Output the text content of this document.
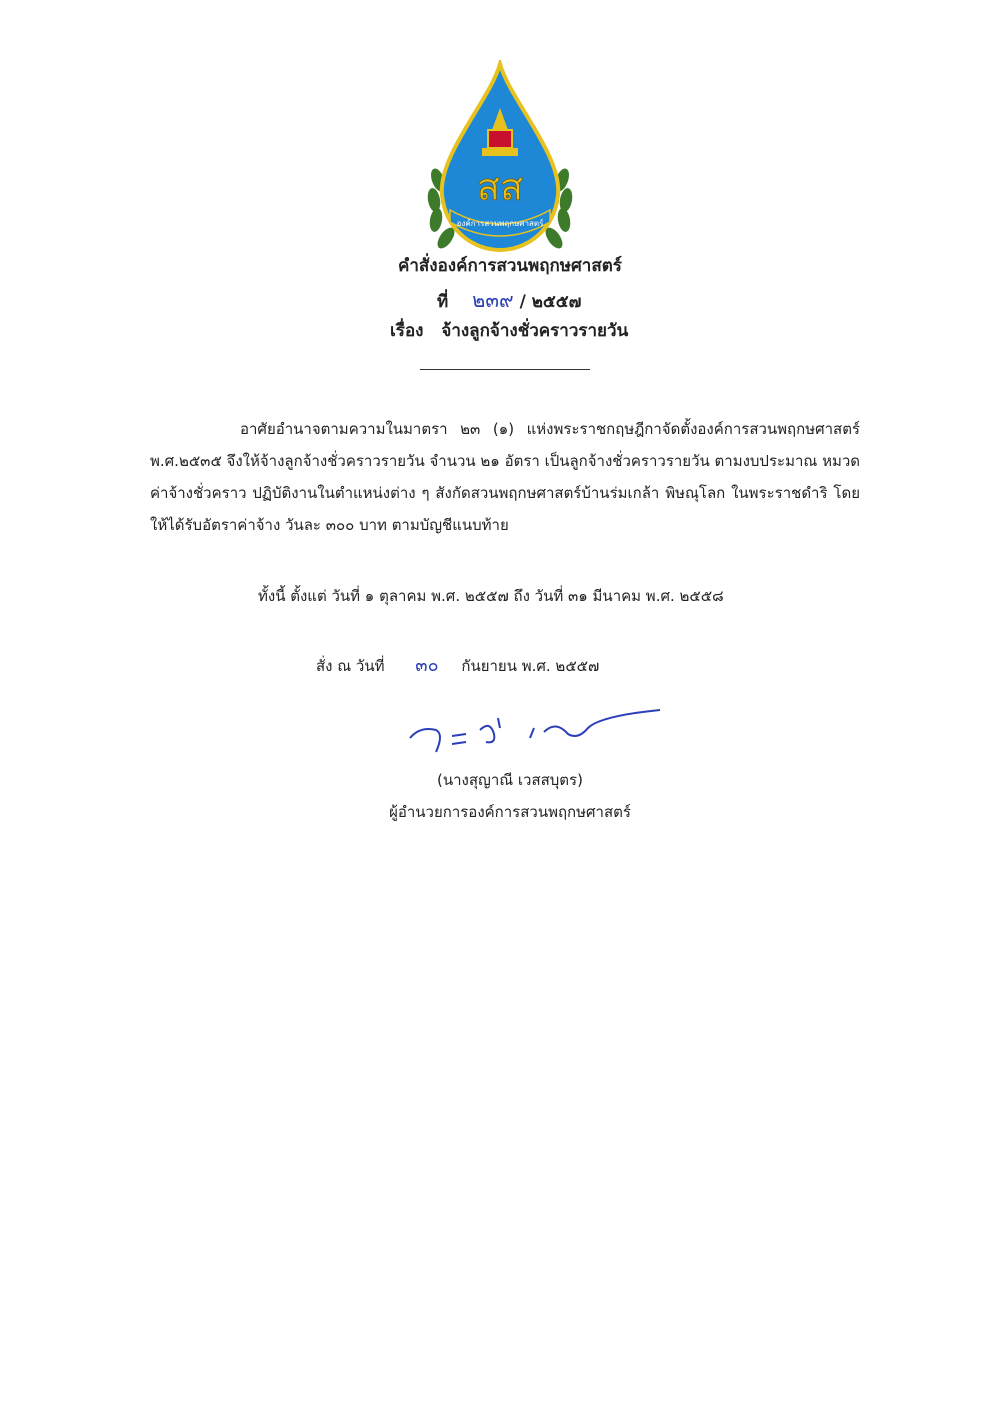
สส
องค์การสวนพฤกษศาสตร์
คำสั่งองค์การสวนพฤกษศาสตร์
ที่ ๒๓๙ / ๒๕๕๗
เรื่อง จ้างลูกจ้างชั่วคราวรายวัน
อาศัยอำนาจตามความในมาตรา ๒๓ (๑) แห่งพระราชกฤษฎีกาจัดตั้งองค์การสวนพฤกษศาสตร์ พ.ศ.๒๕๓๕ จึงให้จ้างลูกจ้างชั่วคราวรายวัน จำนวน ๒๑ อัตรา เป็นลูกจ้างชั่วคราวรายวัน ตามงบประมาณ หมวดค่าจ้างชั่วคราว ปฏิบัติงานในตำแหน่งต่าง ๆ สังกัดสวนพฤกษศาสตร์บ้านร่มเกล้า พิษณุโลก ในพระราชดำริ โดยให้ได้รับอัตราค่าจ้าง วันละ ๓๐๐ บาท ตามบัญชีแนบท้าย
ทั้งนี้ ตั้งแต่ วันที่ ๑ ตุลาคม พ.ศ. ๒๕๕๗ ถึง วันที่ ๓๑ มีนาคม พ.ศ. ๒๕๕๘
สั่ง ณ วันที่ ๓๐ กันยายน พ.ศ. ๒๕๕๗
(นางสุญาณี เวสสบุตร)
ผู้อำนวยการองค์การสวนพฤกษศาสตร์
